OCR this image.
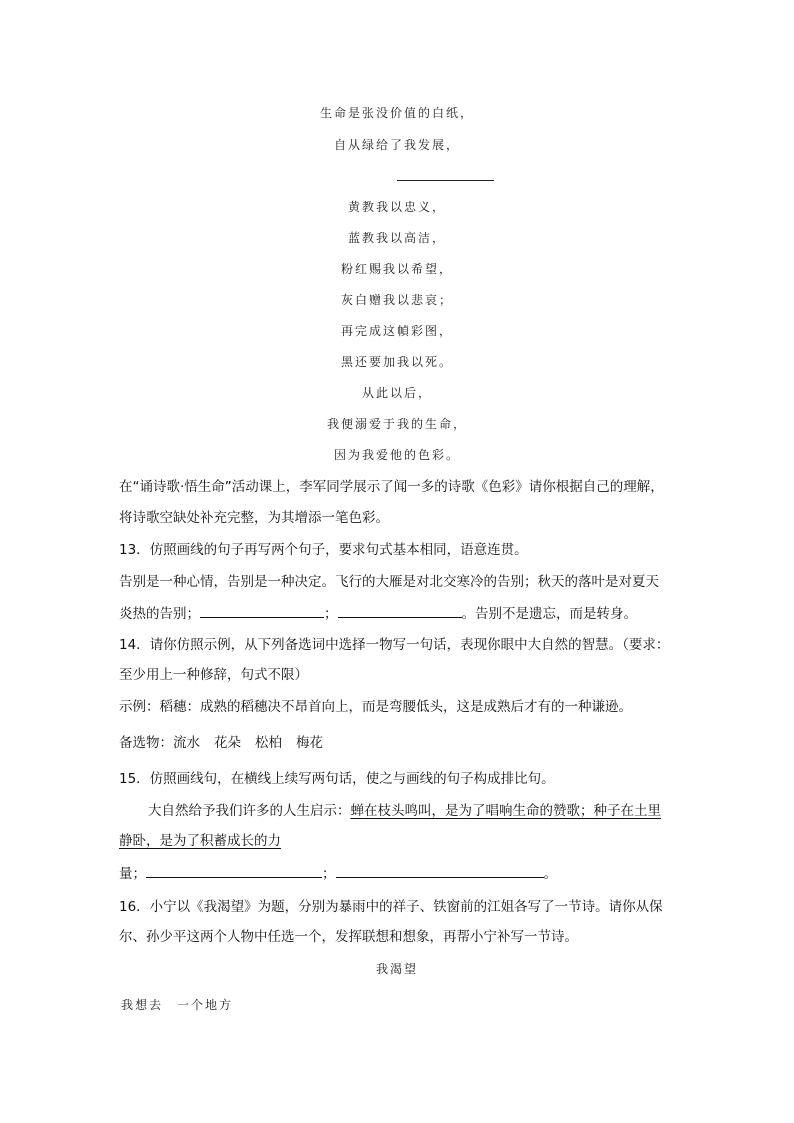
生命是张没价值的白纸，
自从绿给了我发展，
黄教我以忠义，
蓝教我以高洁，
粉红赐我以希望，
灰白赠我以悲哀；
再完成这幀彩图，
黑还要加我以死。
从此以后，
我便溺爱于我的生命，
因为我爱他的色彩。
在“诵诗歌·悟生命”活动课上，李军同学展示了闻一多的诗歌《色彩》请你根据自己的理解，
将诗歌空缺处补充完整，为其增添一笔色彩。
13．仿照画线的句子再写两个句子，要求句式基本相同，语意连贯。
告别是一种心情，告别是一种决定。飞行的大雁是对北交寒冷的告别；秋天的落叶是对夏天
炎热的告别；	；	。告别不是遗忘，而是转身。
14．请你仿照示例，从下列备选词中选择一物写一句话，表现你眼中大自然的智慧。（要求：
至少用上一种修辞，句式不限）
示例：稻穗：成熟的稻穗决不昂首向上，而是弯腰低头，这是成熟后才有的一种谦逊。
备选物：流水 花朵 松柏 梅花
15．仿照画线句，在横线上续写两句话，使之与画线的句子构成排比句。
大自然给予我们许多的人生启示：蝉在枝头鸣叫，是为了唱响生命的赞歌；种子在土里
静卧，是为了积蓄成长的力
量；	；	。
16．小宁以《我渴望》为题，分别为暴雨中的祥子、铁窗前的江姐各写了一节诗。请你从保
尔、孙少平这两个人物中任选一个，发挥联想和想象，再帮小宁补写一节诗。
我渴望
我想去 一个地方
